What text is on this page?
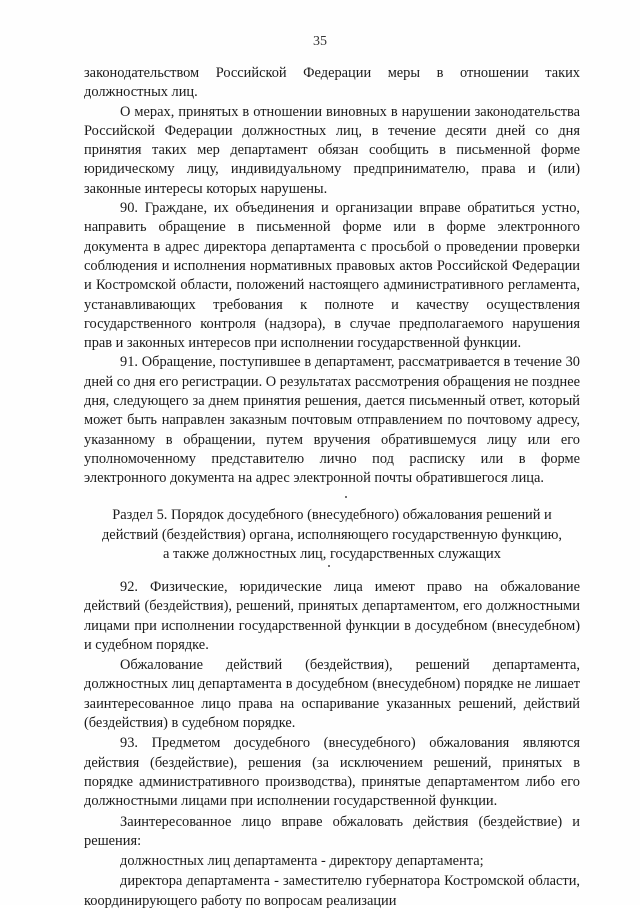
35

законодательством Российской Федерации меры в отношении таких должностных лиц.

О мерах, принятых в отношении виновных в нарушении законодательства Российской Федерации должностных лиц, в течение десяти дней со дня принятия таких мер департамент обязан сообщить в письменной форме юридическому лицу, индивидуальному предпринимателю, права и (или) законные интересы которых нарушены.

90. Граждане, их объединения и организации вправе обратиться устно, направить обращение в письменной форме или в форме электронного документа в адрес директора департамента с просьбой о проведении проверки соблюдения и исполнения нормативных правовых актов Российской Федерации и Костромской области, положений настоящего административного регламента, устанавливающих требования к полноте и качеству осуществления государственного контроля (надзора), в случае предполагаемого нарушения прав и законных интересов при исполнении государственной функции.

91. Обращение, поступившее в департамент, рассматривается в течение 30 дней со дня его регистрации. О результатах рассмотрения обращения не позднее дня, следующего за днем принятия решения, дается письменный ответ, который может быть направлен заказным почтовым отправлением по почтовому адресу, указанному в обращении, путем вручения обратившемуся лицу или его уполномоченному представителю лично под расписку или в форме электронного документа на адрес электронной почты обратившегося лица.

Раздел 5. Порядок досудебного (внесудебного) обжалования решений и

действий (бездействия) органа, исполняющего государственную функцию,

а также должностных лиц, государственных служащих

92. Физические, юридические лица имеют право на обжалование действий (бездействия), решений, принятых департаментом, его должностными лицами при исполнении государственной функции в досудебном (внесудебном) и судебном порядке.

Обжалование действий (бездействия), решений департамента, должностных лиц департамента в досудебном (внесудебном) порядке не лишает заинтересованное лицо права на оспаривание указанных решений, действий (бездействия) в судебном порядке.

93. Предметом досудебного (внесудебного) обжалования являются действия (бездействие), решения (за исключением решений, принятых в порядке административного производства), принятые департаментом либо его должностными лицами при исполнении государственной функции.

Заинтересованное лицо вправе обжаловать действия (бездействие) и решения:

должностных лиц департамента - директору департамента;

директора департамента - заместителю губернатора Костромской области, координирующего работу по вопросам реализации
